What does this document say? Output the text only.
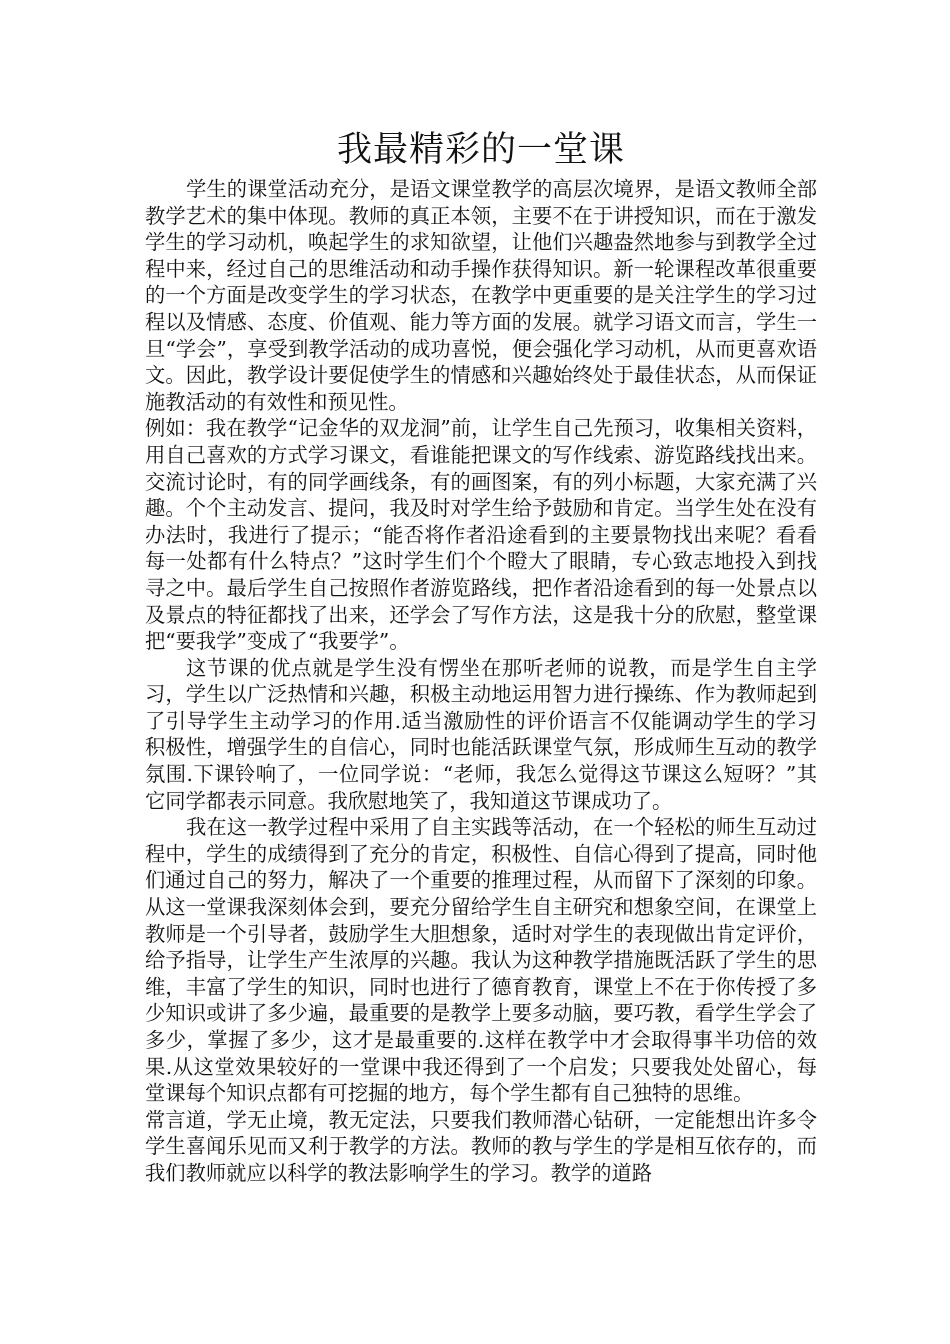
我最精彩的一堂课

学生的课堂活动充分，是语文课堂教学的高层次境界，是语文教师全部教学艺术的集中体现。教师的真正本领，主要不在于讲授知识，而在于激发学生的学习动机，唤起学生的求知欲望，让他们兴趣盎然地参与到教学全过程中来，经过自己的思维活动和动手操作获得知识。新一轮课程改革很重要的一个方面是改变学生的学习状态，在教学中更重要的是关注学生的学习过程以及情感、态度、价值观、能力等方面的发展。就学习语文而言，学生一旦“学会”，享受到教学活动的成功喜悦，便会强化学习动机，从而更喜欢语文。因此，教学设计要促使学生的情感和兴趣始终处于最佳状态，从而保证施教活动的有效性和预见性。

例如：我在教学“记金华的双龙洞”前，让学生自己先预习，收集相关资料，用自己喜欢的方式学习课文，看谁能把课文的写作线索、游览路线找出来。交流讨论时，有的同学画线条，有的画图案，有的列小标题，大家充满了兴趣。个个主动发言、提问，我及时对学生给予鼓励和肯定。当学生处在没有办法时，我进行了提示；“能否将作者沿途看到的主要景物找出来呢？看看每一处都有什么特点？”这时学生们个个瞪大了眼睛，专心致志地投入到找寻之中。最后学生自己按照作者游览路线，把作者沿途看到的每一处景点以及景点的特征都找了出来，还学会了写作方法，这是我十分的欣慰，整堂课把“要我学”变成了“我要学”。

这节课的优点就是学生没有愣坐在那听老师的说教，而是学生自主学习，学生以广泛热情和兴趣，积极主动地运用智力进行操练、作为教师起到了引导学生主动学习的作用.适当激励性的评价语言不仅能调动学生的学习积极性，增强学生的自信心，同时也能活跃课堂气氛，形成师生互动的教学氛围.下课铃响了，一位同学说：“老师，我怎么觉得这节课这么短呀？”其它同学都表示同意。我欣慰地笑了，我知道这节课成功了。

我在这一教学过程中采用了自主实践等活动，在一个轻松的师生互动过程中，学生的成绩得到了充分的肯定，积极性、自信心得到了提高，同时他们通过自己的努力，解决了一个重要的推理过程，从而留下了深刻的印象。从这一堂课我深刻体会到，要充分留给学生自主研究和想象空间，在课堂上教师是一个引导者，鼓励学生大胆想象，适时对学生的表现做出肯定评价，给予指导，让学生产生浓厚的兴趣。我认为这种教学措施既活跃了学生的思维，丰富了学生的知识，同时也进行了德育教育，课堂上不在于你传授了多少知识或讲了多少遍，最重要的是教学上要多动脑，要巧教，看学生学会了多少，掌握了多少，这才是最重要的.这样在教学中才会取得事半功倍的效果.从这堂效果较好的一堂课中我还得到了一个启发；只要我处处留心，每堂课每个知识点都有可挖掘的地方，每个学生都有自己独特的思维。

常言道，学无止境，教无定法，只要我们教师潜心钻研，一定能想出许多令学生喜闻乐见而又利于教学的方法。教师的教与学生的学是相互依存的，而我们教师就应以科学的教法影响学生的学习。教学的道路
